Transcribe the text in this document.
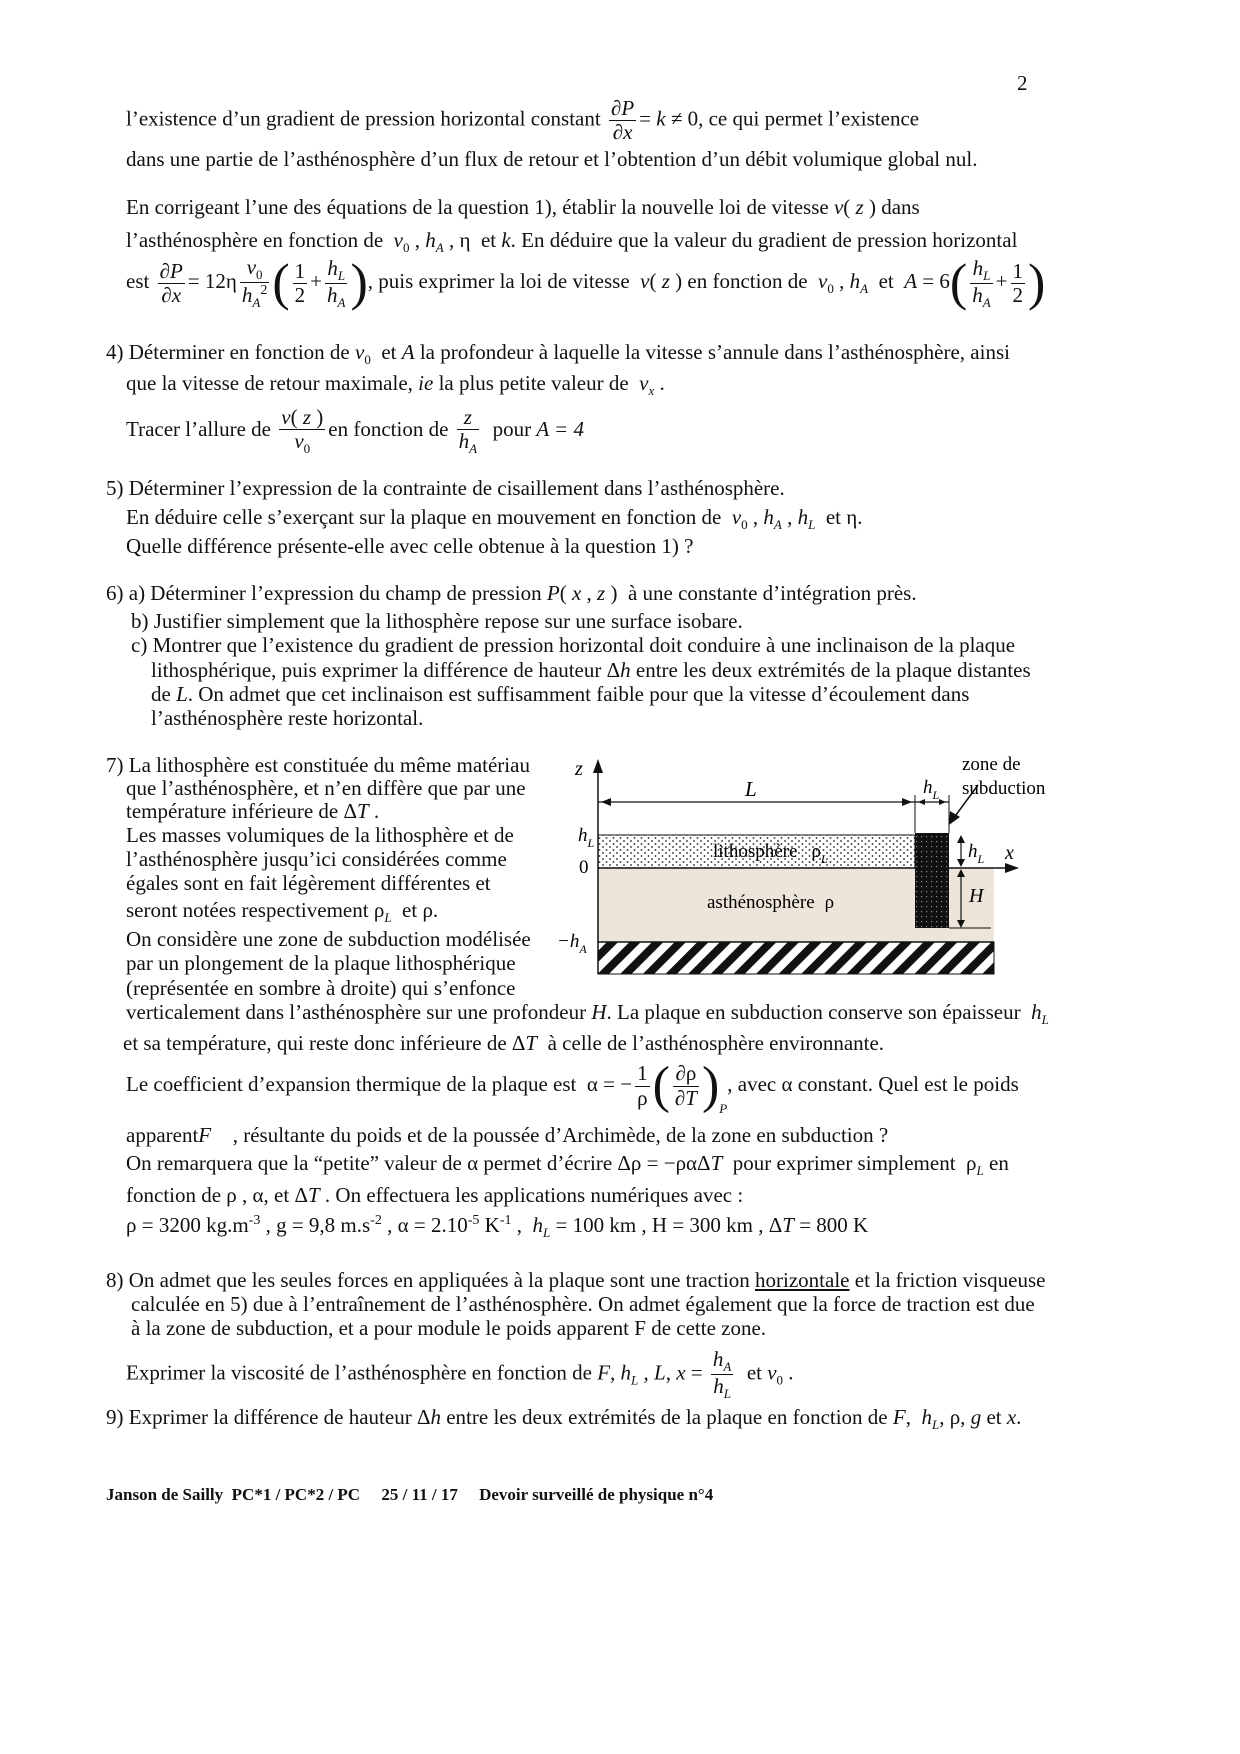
2
l’existence d’un gradient de pression horizontal constant $\frac{\partial P}{\partial x} = k \ne 0$, ce qui permet l’existence
dans une partie de l’asthénosphère d’un flux de retour et l’obtention d’un débit volumique global nul.
En corrigeant l’une des équations de la question 1), établir la nouvelle loi de vitesse v( z ) dans
l’asthénosphère en fonction de $v_0$ , $h_A$ , η  et k. En déduire que la valeur du gradient de pression horizontal
est $\frac{\partial P}{\partial x} = 12\eta \frac{v_0}{h_A^2}$ ( $\frac{1}{2} + \frac{h_L}{h_A}$ ), puis exprimer la loi de vitesse v( z ) en fonction de $v_0$ , $h_A$ et $A = 6( \frac{h_L}{h_A} + \frac{1}{2}$ )
4) Déterminer en fonction de $v_0$ et A la profondeur à laquelle la vitesse s’annule dans l’asthénosphère, ainsi
que la vitesse de retour maximale, ie la plus petite valeur de $v_x$ .
Tracer l’allure de $\frac{v( z )}{v_0}$ en fonction de $\frac{z}{h_A}$ pour A = 4
5) Déterminer l’expression de la contrainte de cisaillement dans l’asthénosphère.
En déduire celle s’exerçant sur la plaque en mouvement en fonction de $v_0$ , $h_A$ , $h_L$ et η.
Quelle différence présente-elle avec celle obtenue à la question 1) ?
6) a) Déterminer l’expression du champ de pression P( x , z )  à une constante d’intégration près.
b) Justifier simplement que la lithosphère repose sur une surface isobare.
c) Montrer que l’existence du gradient de pression horizontal doit conduire à une inclinaison de la plaque
lithosphérique, puis exprimer la différence de hauteur Δh entre les deux extrémités de la plaque distantes
de L. On admet que cet inclinaison est suffisamment faible pour que la vitesse d’écoulement dans
l’asthénosphère reste horizontal.
7) La lithosphère est constituée du même matériau
que l’asthénosphère, et n’en diffère que par une
température inférieure de ΔT .
Les masses volumiques de la lithosphère et de
l’asthénosphère jusqu’ici considérées comme
égales sont en fait légèrement différentes et
seront notées respectivement $\rho_L$ et ρ.
On considère une zone de subduction modélisée
par un plongement de la plaque lithosphérique
(représentée en sombre à droite) qui s’enfonce
verticalement dans l’asthénosphère sur une profondeur H. La plaque en subduction conserve son épaisseur $h_L$
et sa température, qui reste donc inférieure de ΔT à celle de l’asthénosphère environnante.
Le coefficient d’expansion thermique de la plaque est  α = − $\frac{1}{\rho}$ ( $\frac{\partial\rho}{\partial T} )_P$, avec α constant. Quel est le poids
apparentF⃗ , résultante du poids et de la poussée d’Archimède, de la zone en subduction ?
On remarquera que la “petite” valeur de α permet d’écrire Δρ = −ραΔT pour exprimer simplement  $\rho_L$ en
fonction de ρ , α, et ΔT . On effectuera les applications numériques avec :
ρ = 3200 $kg.m^{-3}$ , g = 9,8 $m.s^{-2}$ , $\alpha = 2.10^{-5}$ $K^{-1}$ ,  $h_L = 100$ km , H = 300 km , ΔT = 800 K
z
L	$h_L$
zone de
subduction
$h_L$
0
$-h_A$
lithosphère $\rho_L$
asthénosphère ρ
$h_L$ x
H
8) On admet que les seules forces en appliquées à la plaque sont une traction horizontale et la friction visqueuse
calculée en 5) due à l’entraînement de l’asthénosphère. On admet également que la force de traction est due
à la zone de subduction, et a pour module le poids apparent F de cette zone.
Exprimer la viscosité de l’asthénosphère en fonction de F, $h_L$ , L, $x = \frac{h_A}{h_L}$ et $v_0$ .
9) Exprimer la différence de hauteur Δh entre les deux extrémités de la plaque en fonction de F,  $h_L$, ρ, g et x.
Janson de Sailly PC*1 / PC*2 / PC 25 / 11 / 17 Devoir surveillé de physique n°4
